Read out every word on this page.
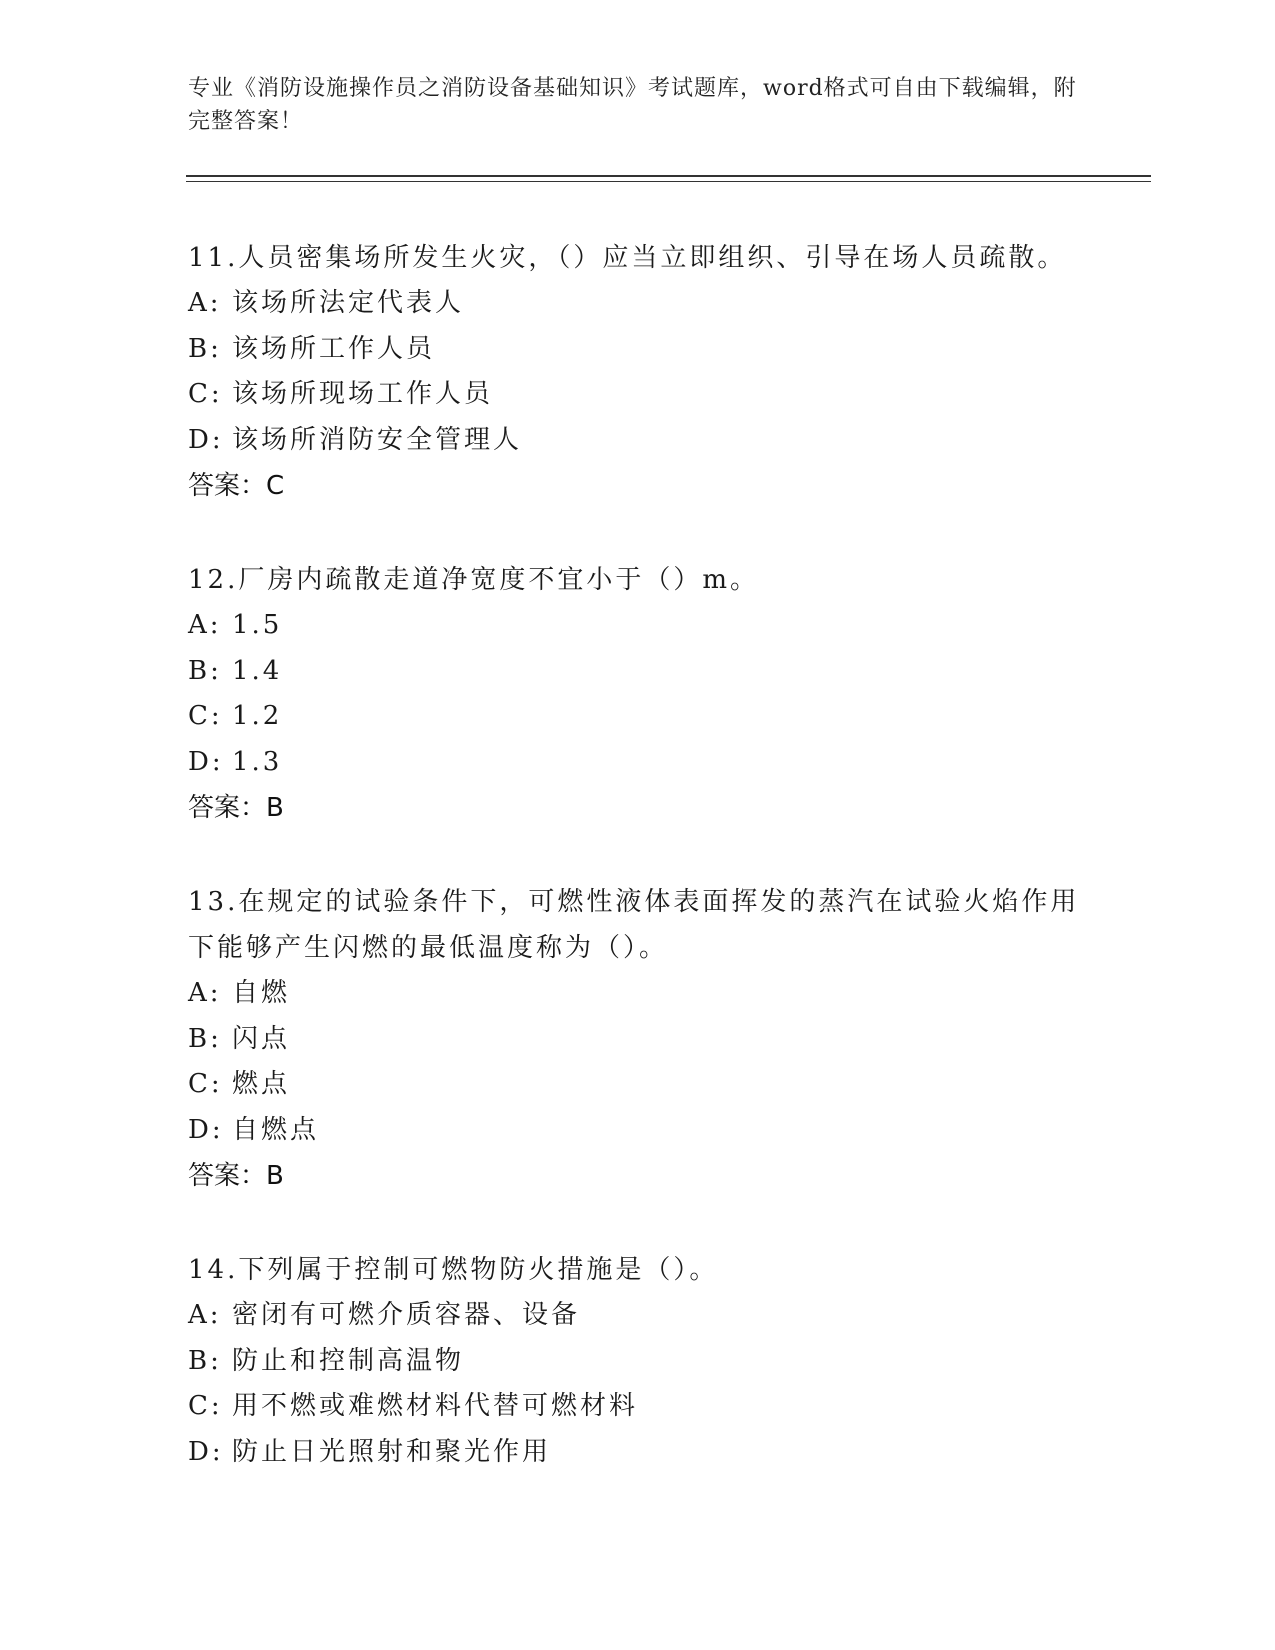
专业《消防设施操作员之消防设备基础知识》考试题库，word格式可自由下载编辑，附完整答案！
11. 人员密集场所发生火灾，（）应当立即组织、引导在场人员疏散。
A: 该场所法定代表人
B: 该场所工作人员
C: 该场所现场工作人员
D: 该场所消防安全管理人
答案：C
12. 厂房内疏散走道净宽度不宜小于（）m。
A: 1.5
B: 1.4
C: 1.2
D: 1.3
答案：B
13.在规定的试验条件下，可燃性液体表面挥发的蒸汽在试验火焰作用下能够产生闪燃的最低温度称为（）。
A: 自燃
B: 闪点
C: 燃点
D: 自燃点
答案：B
14. 下列属于控制可燃物防火措施是（）。
A: 密闭有可燃介质容器、设备
B: 防止和控制高温物
C: 用不燃或难燃材料代替可燃材料
D: 防止日光照射和聚光作用
